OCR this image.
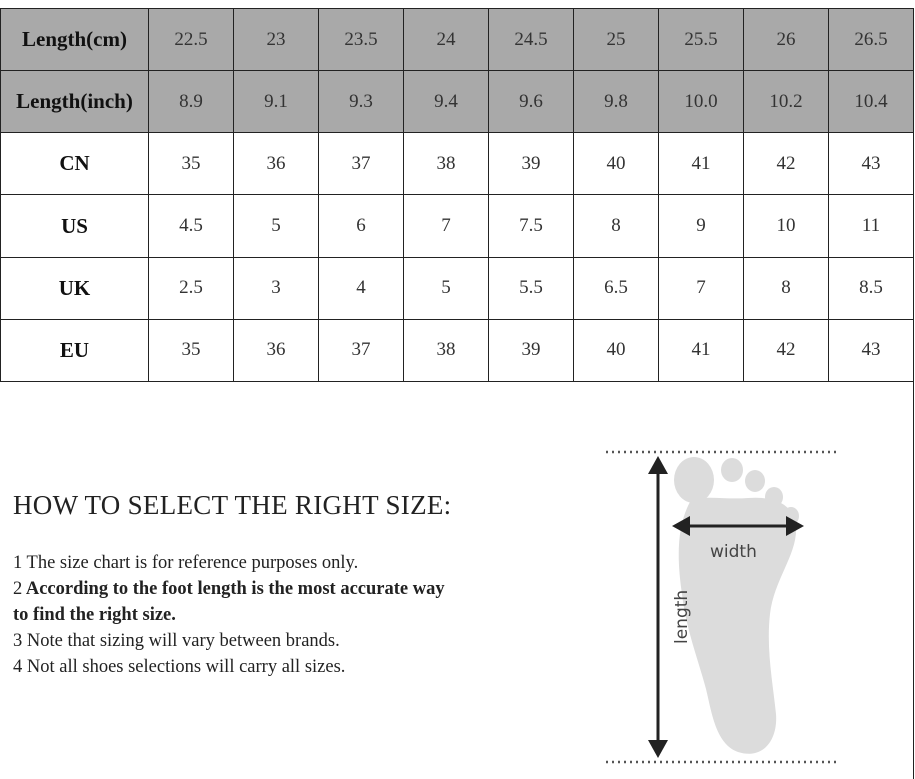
Length(cm)	22.5	23	23.5	24	24.5	25	25.5	26	26.5
Length(inch)	8.9	9.1	9.3	9.4	9.6	9.8	10.0	10.2	10.4
CN	35	36	37	38	39	40	41	42	43
US	4.5	5	6	7	7.5	8	9	10	11
UK	2.5	3	4	5	5.5	6.5	7	8	8.5
EU	35	36	37	38	39	40	41	42	43
HOW TO SELECT THE RIGHT SIZE:
1 The size chart is for reference purposes only.
2 According to the foot length is the most accurate way to find the right size.
3 Note that sizing will vary between brands.
4 Not all shoes selections will carry all sizes.
width
length
